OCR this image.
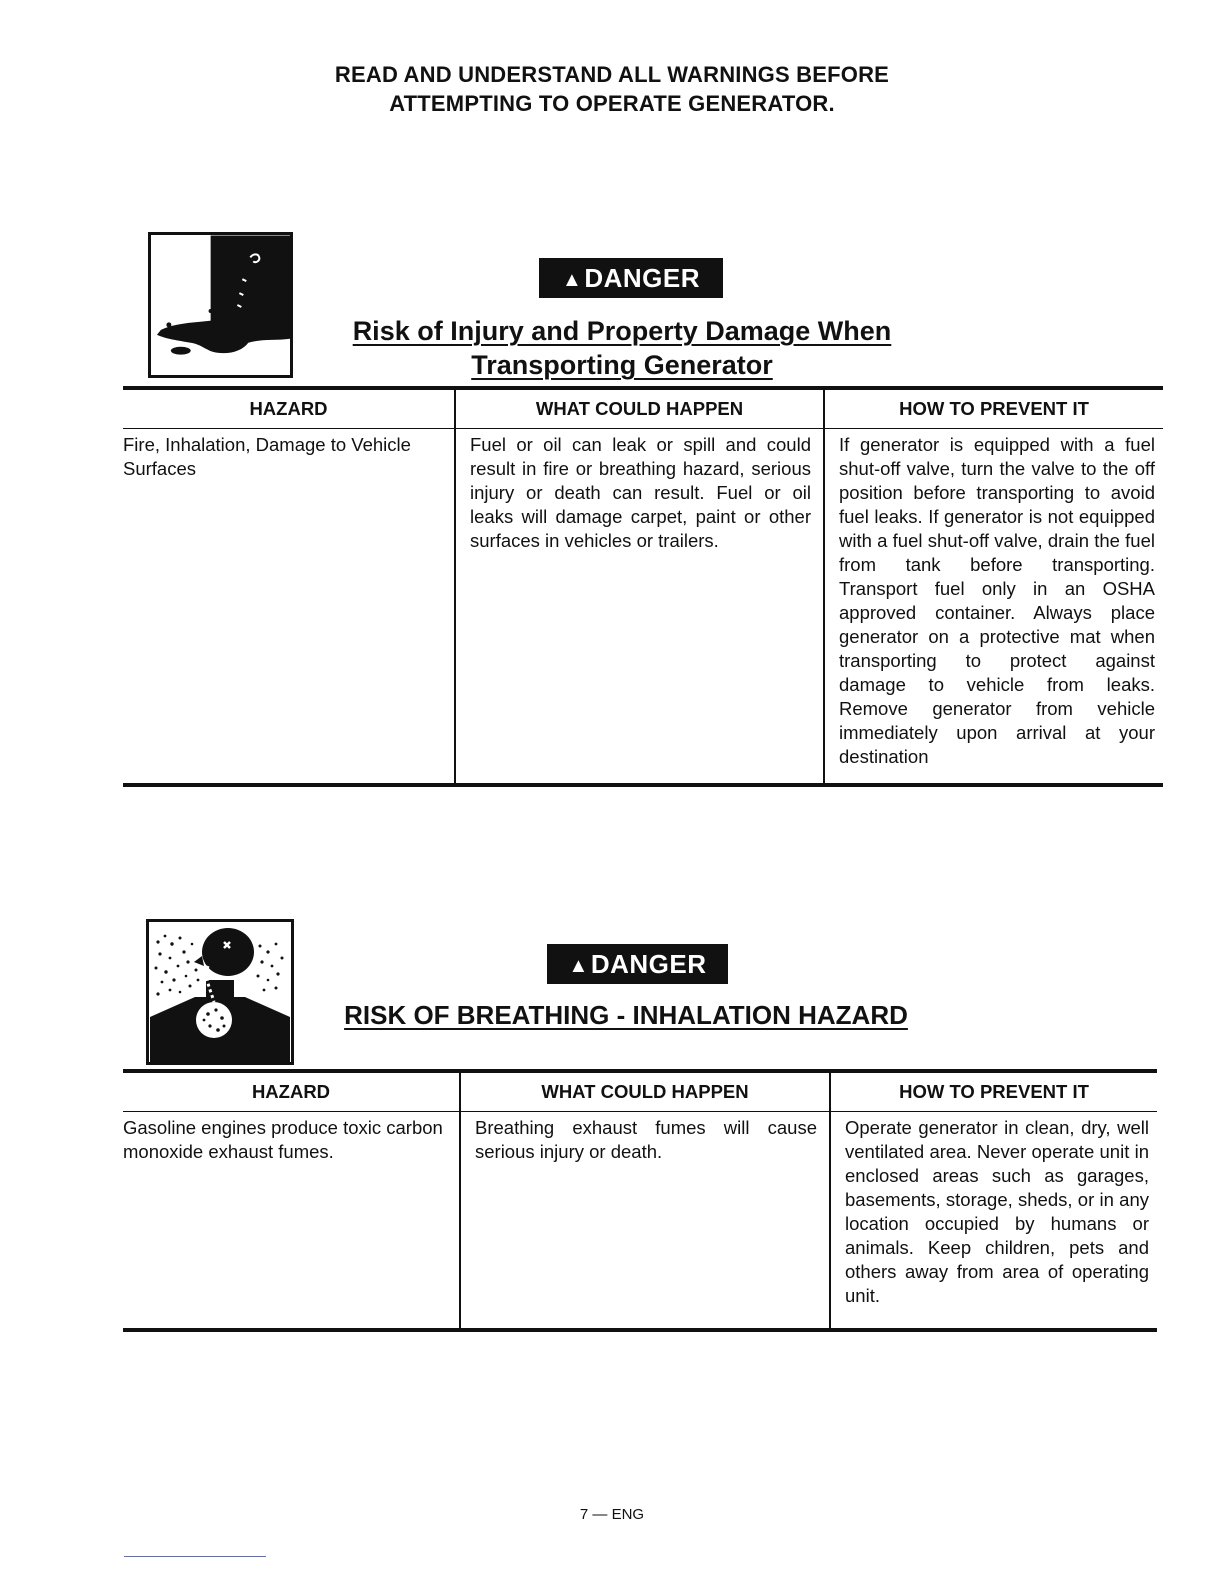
READ AND UNDERSTAND ALL WARNINGS BEFORE
ATTEMPTING TO OPERATE GENERATOR.
▲DANGER
Risk of Injury and Property Damage When
Transporting Generator
HAZARD	WHAT COULD HAPPEN	HOW TO PREVENT IT

Fire, Inhalation, Damage to Vehicle Surfaces	Fuel or oil can leak or spill and could result in fire or breathing hazard, serious injury or death can result. Fuel or oil leaks will damage carpet, paint or other surfaces in vehicles or trailers.	If generator is equipped with a fuel shut-off valve, turn the valve to the off position before transporting to avoid fuel leaks. If generator is not equipped with a fuel shut-off valve, drain the fuel from tank before transporting. Transport fuel only in an OSHA approved container. Always place generator on a protective mat when transporting to protect against damage to vehicle from leaks. Remove generator from vehicle immediately upon arrival at your destination
▲DANGER
RISK OF BREATHING - INHALATION HAZARD
HAZARD	WHAT COULD HAPPEN	HOW TO PREVENT IT

Gasoline engines produce toxic carbon monoxide exhaust fumes.	Breathing exhaust fumes will cause serious injury or death.	Operate generator in clean, dry, well ventilated area. Never operate unit in enclosed areas such as garages, basements, storage, sheds, or in any location occupied by humans or animals. Keep children, pets and others away from area of operating unit.
7 — ENG
